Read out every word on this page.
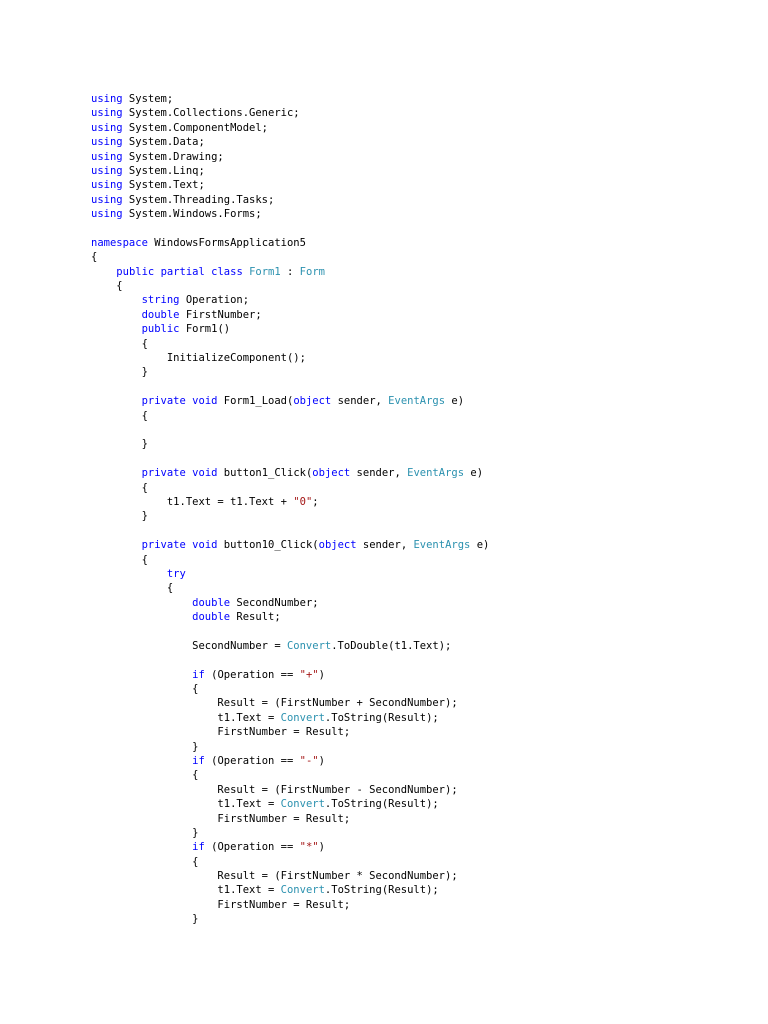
using System;
using System.Collections.Generic;
using System.ComponentModel;
using System.Data;
using System.Drawing;
using System.Linq;
using System.Text;
using System.Threading.Tasks;
using System.Windows.Forms;

namespace WindowsFormsApplication5
{
public partial class Form1 : Form
{
string Operation;
double FirstNumber;
public Form1()
{
InitializeComponent();
}

private void Form1_Load(object sender, EventArgs e)
{

}

private void button1_Click(object sender, EventArgs e)
{
t1.Text = t1.Text + "0";
}

private void button10_Click(object sender, EventArgs e)
{
try
{
double SecondNumber;
double Result;

SecondNumber = Convert.ToDouble(t1.Text);

if (Operation == "+")
{
Result = (FirstNumber + SecondNumber);
t1.Text = Convert.ToString(Result);
FirstNumber = Result;
}
if (Operation == "-")
{
Result = (FirstNumber - SecondNumber);
t1.Text = Convert.ToString(Result);
FirstNumber = Result;
}
if (Operation == "*")
{
Result = (FirstNumber * SecondNumber);
t1.Text = Convert.ToString(Result);
FirstNumber = Result;
}
